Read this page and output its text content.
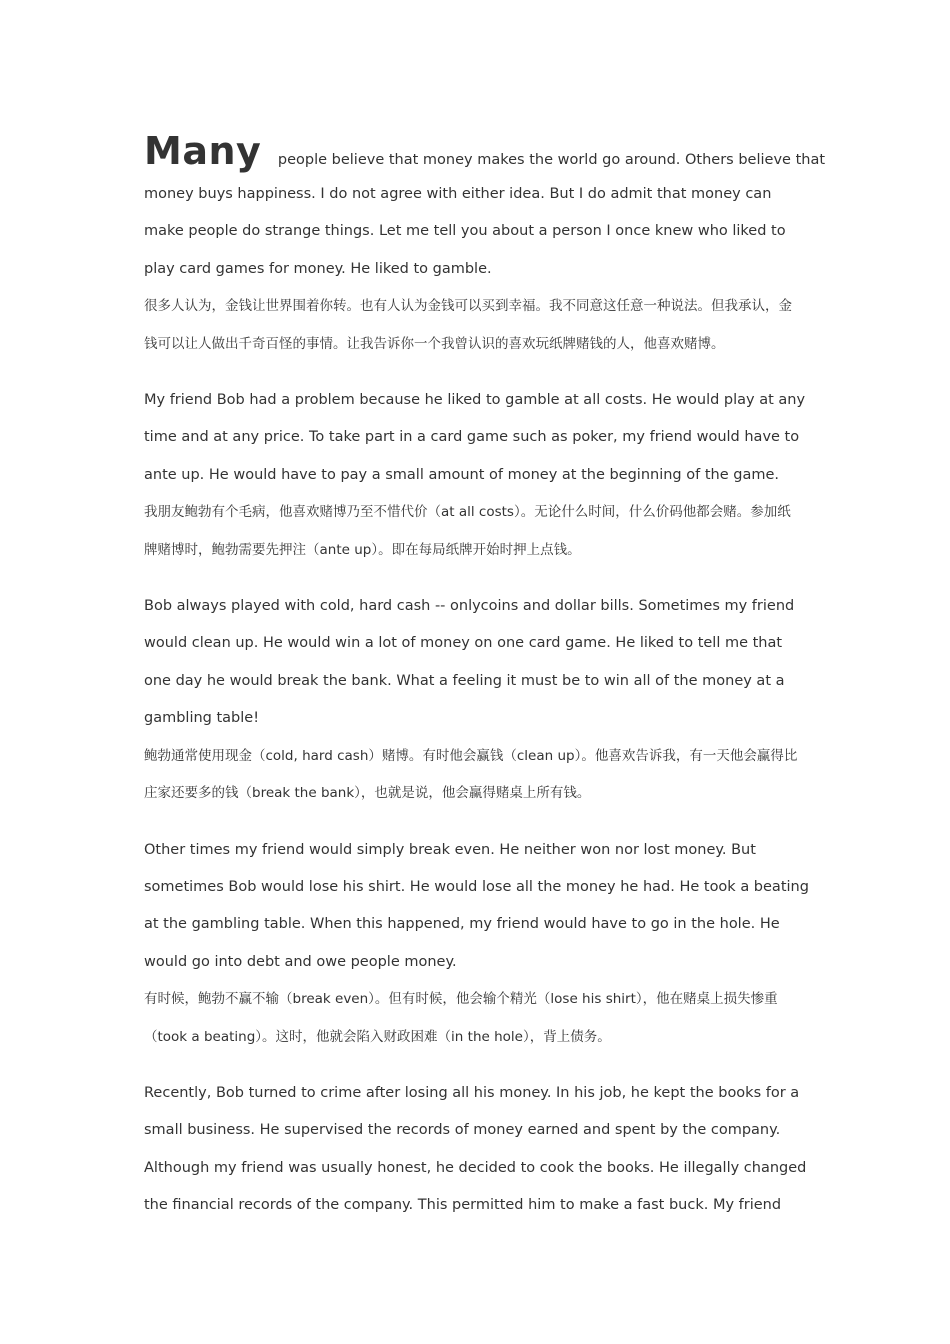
Many people believe that money makes the world go around. Others believe that
money buys happiness. I do not agree with either idea. But I do admit that money can
make people do strange things. Let me tell you about a person I once knew who liked to
play card games for money. He liked to gamble.
很多人认为，金钱让世界围着你转。也有人认为金钱可以买到幸福。我不同意这任意一种说法。但我承认，金
钱可以让人做出千奇百怪的事情。让我告诉你一个我曾认识的喜欢玩纸牌赌钱的人，他喜欢赌博。
My friend Bob had a problem because he liked to gamble at all costs. He would play at any
time and at any price. To take part in a card game such as poker, my friend would have to
ante up. He would have to pay a small amount of money at the beginning of the game.
我朋友鲍勃有个毛病，他喜欢赌博乃至不惜代价（at all costs）。无论什么时间，什么价码他都会赌。参加纸
牌赌博时，鲍勃需要先押注（ante up）。即在每局纸牌开始时押上点钱。
Bob always played with cold, hard cash -- onlycoins and dollar bills. Sometimes my friend
would clean up. He would win a lot of money on one card game. He liked to tell me that
one day he would break the bank. What a feeling it must be to win all of the money at a
gambling table!
鲍勃通常使用现金（cold, hard cash）赌博。有时他会赢钱（clean up）。他喜欢告诉我，有一天他会赢得比
庄家还要多的钱（break the bank），也就是说，他会赢得赌桌上所有钱。
Other times my friend would simply break even. He neither won nor lost money. But
sometimes Bob would lose his shirt. He would lose all the money he had. He took a beating
at the gambling table. When this happened, my friend would have to go in the hole. He
would go into debt and owe people money.
有时候，鲍勃不赢不输（break even）。但有时候，他会输个精光（lose his shirt），他在赌桌上损失惨重
（took a beating）。这时，他就会陷入财政困难（in the hole），背上债务。
Recently, Bob turned to crime after losing all his money. In his job, he kept the books for a
small business. He supervised the records of money earned and spent by the company.
Although my friend was usually honest, he decided to cook the books. He illegally changed
the financial records of the company. This permitted him to make a fast buck. My friend
